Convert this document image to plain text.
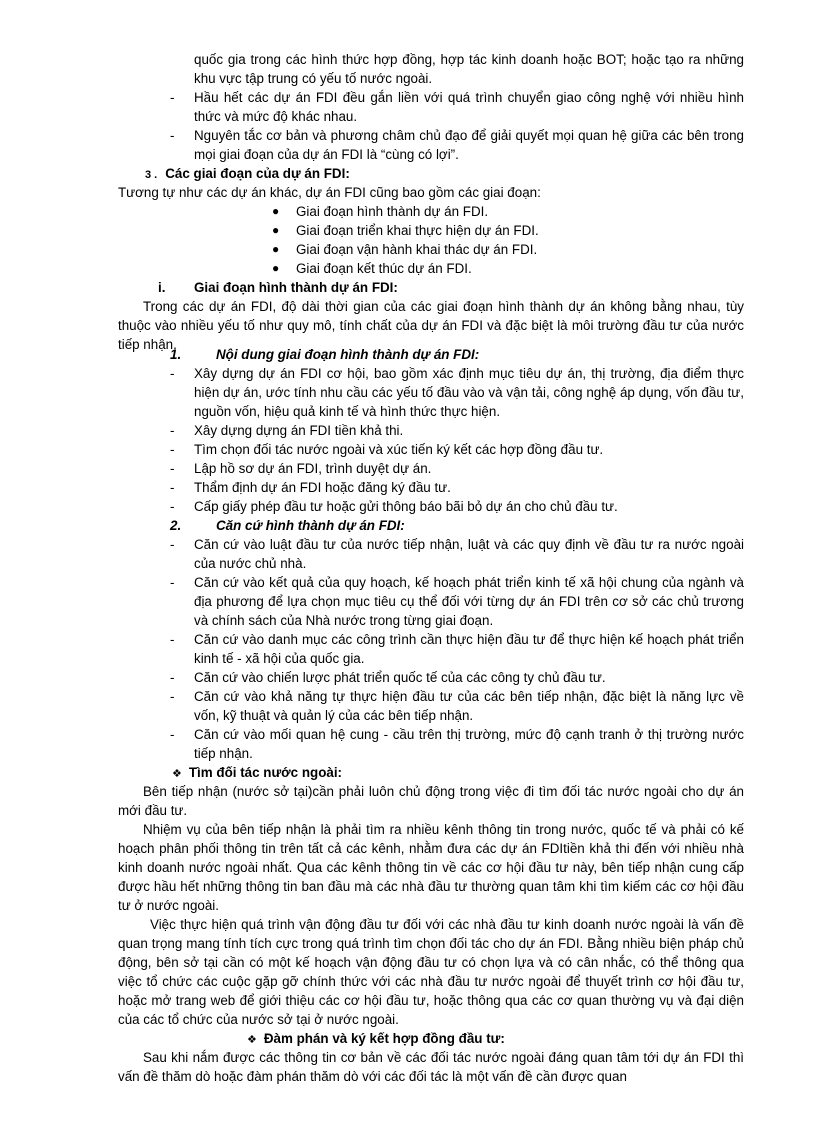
quốc gia trong các hình thức hợp đồng, hợp tác kinh doanh hoặc BOT; hoặc tạo ra những khu vực tập trung có yếu tố nước ngoài.
- Hầu hết các dự án FDI đều gắn liền với quá trình chuyển giao công nghệ với nhiều hình thức và mức độ khác nhau.
- Nguyên tắc cơ bản và phương châm chủ đạo để giải quyết mọi quan hệ giữa các bên trong mọi giai đoạn của dự án FDI là “cùng có lợi”.
3 . Các giai đoạn của dự án FDI:
Tương tự như các dự án khác, dự án FDI cũng bao gồm các giai đoạn:
● Giai đoạn hình thành dự án FDI.
● Giai đoạn triển khai thực hiện dự án FDI.
● Giai đoạn vận hành khai thác dự án FDI.
● Giai đoạn kết thúc dự án FDI.
i. Giai đoạn hình thành dự án FDI:
Trong các dự án FDI, độ dài thời gian của các giai đoạn hình thành dự án không bằng nhau, tùy thuộc vào nhiều yếu tố như quy mô, tính chất của dự án FDI và đặc biệt là môi trường đầu tư của nước tiếp nhận.
1.	Nội dung giai đoạn hình thành dự án FDI:
- Xây dựng dự án FDI cơ hội, bao gồm xác định mục tiêu dự án, thị trường, địa điểm thực hiện dự án, ước tính nhu cầu các yếu tố đầu vào và vận tải, công nghệ áp dụng, vốn đầu tư, nguồn vốn, hiệu quả kinh tế và hình thức thực hiện.
- Xây dựng dựng án FDI tiền khả thi.
- Tìm chọn đối tác nước ngoài và xúc tiến ký kết các hợp đồng đầu tư.
- Lập hồ sơ dự án FDI, trình duyệt dự án.
- Thẩm định dự án FDI hoặc đăng ký đầu tư.
- Cấp giấy phép đầu tư hoặc gửi thông báo bãi bỏ dự án cho chủ đầu tư.
2.	Căn cứ hình thành dự án FDI:
- Căn cứ vào luật đầu tư của nước tiếp nhận, luật và các quy định về đầu tư ra nước ngoài của nước chủ nhà.
- Căn cứ vào kết quả của quy hoạch, kế hoạch phát triển kinh tế xã hội chung của ngành và địa phương để lựa chọn mục tiêu cụ thể đối với từng dự án FDI trên cơ sở các chủ trương và chính sách của Nhà nước trong từng giai đoạn.
- Căn cứ vào danh mục các công trình cần thực hiện đầu tư để thực hiện kế hoạch phát triển kinh tế - xã hội của quốc gia.
- Căn cứ vào chiến lược phát triển quốc tế của các công ty chủ đầu tư.
- Căn cứ vào khả năng tự thực hiện đầu tư của các bên tiếp nhận, đặc biệt là năng lực về vốn, kỹ thuật và quản lý của các bên tiếp nhận.
- Căn cứ vào mối quan hệ cung - cầu trên thị trường, mức độ cạnh tranh ở thị trường nước tiếp nhận.
❖ Tìm đối tác nước ngoài:
Bên tiếp nhận (nước sở tại)cần phải luôn chủ động trong việc đi tìm đối tác nước ngoài cho dự án mới đầu tư.
Nhiệm vụ của bên tiếp nhận là phải tìm ra nhiều kênh thông tin trong nước, quốc tế và phải có kế hoạch phân phối thông tin trên tất cả các kênh, nhằm đưa các dự án FDItiền khả thi đến với nhiều nhà kinh doanh nước ngoài nhất. Qua các kênh thông tin về các cơ hội đầu tư này, bên tiếp nhận cung cấp được hầu hết những thông tin ban đầu mà các nhà đầu tư thường quan tâm khi tìm kiếm các cơ hội đầu tư ở nước ngoài.
Việc thực hiện quá trình vận động đầu tư đối với các nhà đầu tư kinh doanh nước ngoài là vấn đề quan trọng mang tính tích cực trong quá trình tìm chọn đối tác cho dự án FDI. Bằng nhiều biện pháp chủ động, bên sở tại cần có một kế hoạch vận động đầu tư có chọn lựa và có cân nhắc, có thể thông qua việc tổ chức các cuộc gặp gỡ chính thức với các nhà đầu tư nước ngoài để thuyết trình cơ hội đầu tư, hoặc mở trang web để giới thiệu các cơ hội đầu tư, hoặc thông qua các cơ quan thường vụ và đại diện của các tổ chức của nước sở tại ở nước ngoài.
❖ Đàm phán và ký kết hợp đồng đầu tư:
Sau khi nắm được các thông tin cơ bản về các đối tác nước ngoài đáng quan tâm tới dự án FDI thì vấn đề thăm dò hoặc đàm phán thăm dò với các đối tác là một vấn đề cần được quan
